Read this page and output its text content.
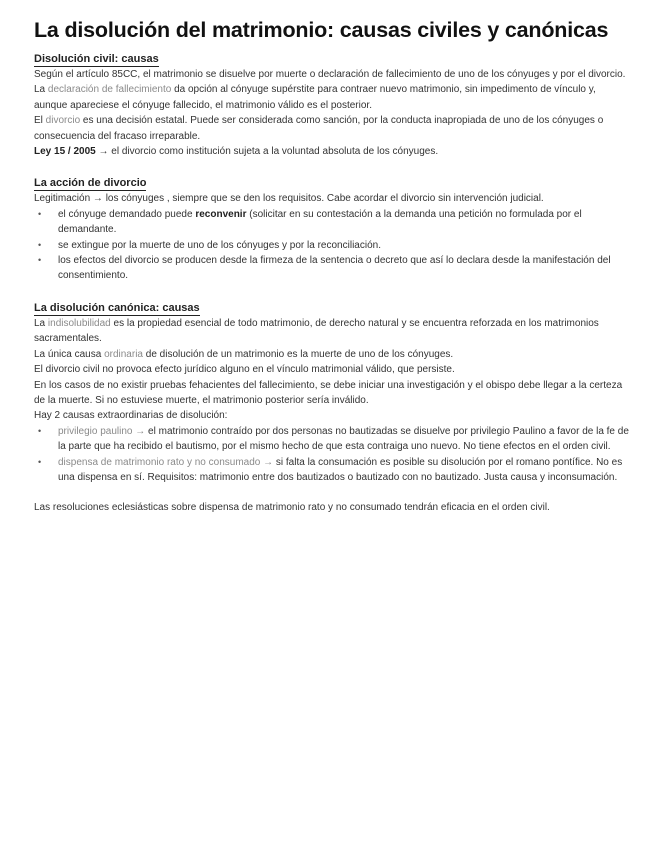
La disolución del matrimonio: causas civiles y canónicas
Disolución civil: causas

Según el artículo 85CC, el matrimonio se disuelve por muerte o declaración de fallecimiento de uno de los cónyuges y por el divorcio.

La declaración de fallecimiento da opción al cónyuge supérstite para contraer nuevo matrimonio, sin impedimento de vínculo y, aunque apareciese el cónyuge fallecido, el matrimonio válido es el posterior.

El divorcio es una decisión estatal. Puede ser considerada como sanción, por la conducta inapropiada de uno de los cónyuges o consecuencia del fracaso irreparable.

Ley 15 / 2005 → el divorcio como institución sujeta a la voluntad absoluta de los cónyuges.

La acción de divorcio

Legitimación → los cónyuges , siempre que se den los requisitos. Cabe acordar el divorcio sin intervención judicial.

• el cónyuge demandado puede reconvenir (solicitar en su contestación a la demanda una petición no formulada por el demandante.
• se extingue por la muerte de uno de los cónyuges y por la reconciliación.
• los efectos del divorcio se producen desde la firmeza de la sentencia o decreto que así lo declara desde la manifestación del consentimiento.
La disolución canónica: causas

La indisolubilidad es la propiedad esencial de todo matrimonio, de derecho natural y se encuentra reforzada en los matrimonios sacramentales.

La única causa ordinaria de disolución de un matrimonio es la muerte de uno de los cónyuges.

El divorcio civil no provoca efecto jurídico alguno en el vínculo matrimonial válido, que persiste.

En los casos de no existir pruebas fehacientes del fallecimiento, se debe iniciar una investigación y el obispo debe llegar a la certeza de la muerte. Si no estuviese muerte, el matrimonio posterior sería inválido.

Hay 2 causas extraordinarias de disolución:

• privilegio paulino → el matrimonio contraído por dos personas no bautizadas se disuelve por privilegio Paulino a favor de la fe de la parte que ha recibido el bautismo, por el mismo hecho de que esta contraiga uno nuevo. No tiene efectos en el orden civil.
• dispensa de matrimonio rato y no consumado → si falta la consumación es posible su disolución por el romano pontífice. No es una dispensa en sí. Requisitos: matrimonio entre dos bautizados o bautizado con no bautizado. Justa causa y inconsumación.

Las resoluciones eclesiásticas sobre dispensa de matrimonio rato y no consumado tendrán eficacia en el orden civil.
